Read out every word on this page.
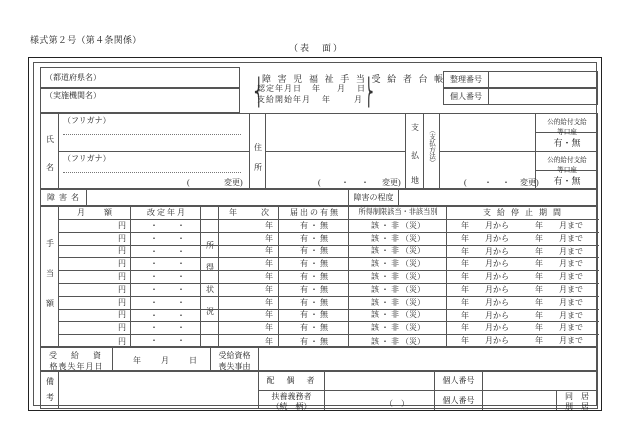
様式第２号（第４条関係）
（表　面）
（都道府県名）
（実施機関名）
障 害 児 福 祉 手 当 受 給 者 台 帳
⎨	⎬
認定年月日 年 月 日
支給開始年月 年	月
整理番号
個人番号
氏
名
（フリガナ）
（フリガナ）
(	変更)
住
所
(	・ ・ 変更)
支
払
地
（支払方法）
( ・ ・ 変更)
公的給付支給
等口座
有・無
公的給付支給
等口座
有・無
障 害 名	障害の程度
手当額	所得状況
月　　額	改 定 年 月	年　　　次	届 出 の 有 無	所得制限該当・非該当別	支 給 停 止 期 間
円	・ ・	年	有 ・ 無	該 ・ 非 （災）	年 月から	年 月まで
円	・ ・	年	有 ・ 無	該 ・ 非 （災）	年 月から	年 月まで
円	・ ・	年	有 ・ 無	該 ・ 非 （災）	年 月から	年 月まで
円	・ ・	年	有 ・ 無	該 ・ 非 （災）	年 月から	年 月まで
円	・ ・	年	有 ・ 無	該 ・ 非 （災）	年 月から	年 月まで
円	・ ・	年	有 ・ 無	該 ・ 非 （災）	年 月から	年 月まで
円	・ ・	年	有 ・ 無	該 ・ 非 （災）	年 月から	年 月まで
円	・ ・	年	有 ・ 無	該 ・ 非 （災）	年 月から	年 月まで
円	・ ・	年	有 ・ 無	該 ・ 非 （災）	年 月から	年 月まで
円	・ ・	年	有 ・ 無	該 ・ 非 （災）	年 月から	年 月まで
受　給　資
格喪失年月日
年	月	日
受給資格
喪失事由
備
考
配　偶　者	個人番号
扶養義務者
（続　柄）	（　）	個人番号	同　居
別　居
